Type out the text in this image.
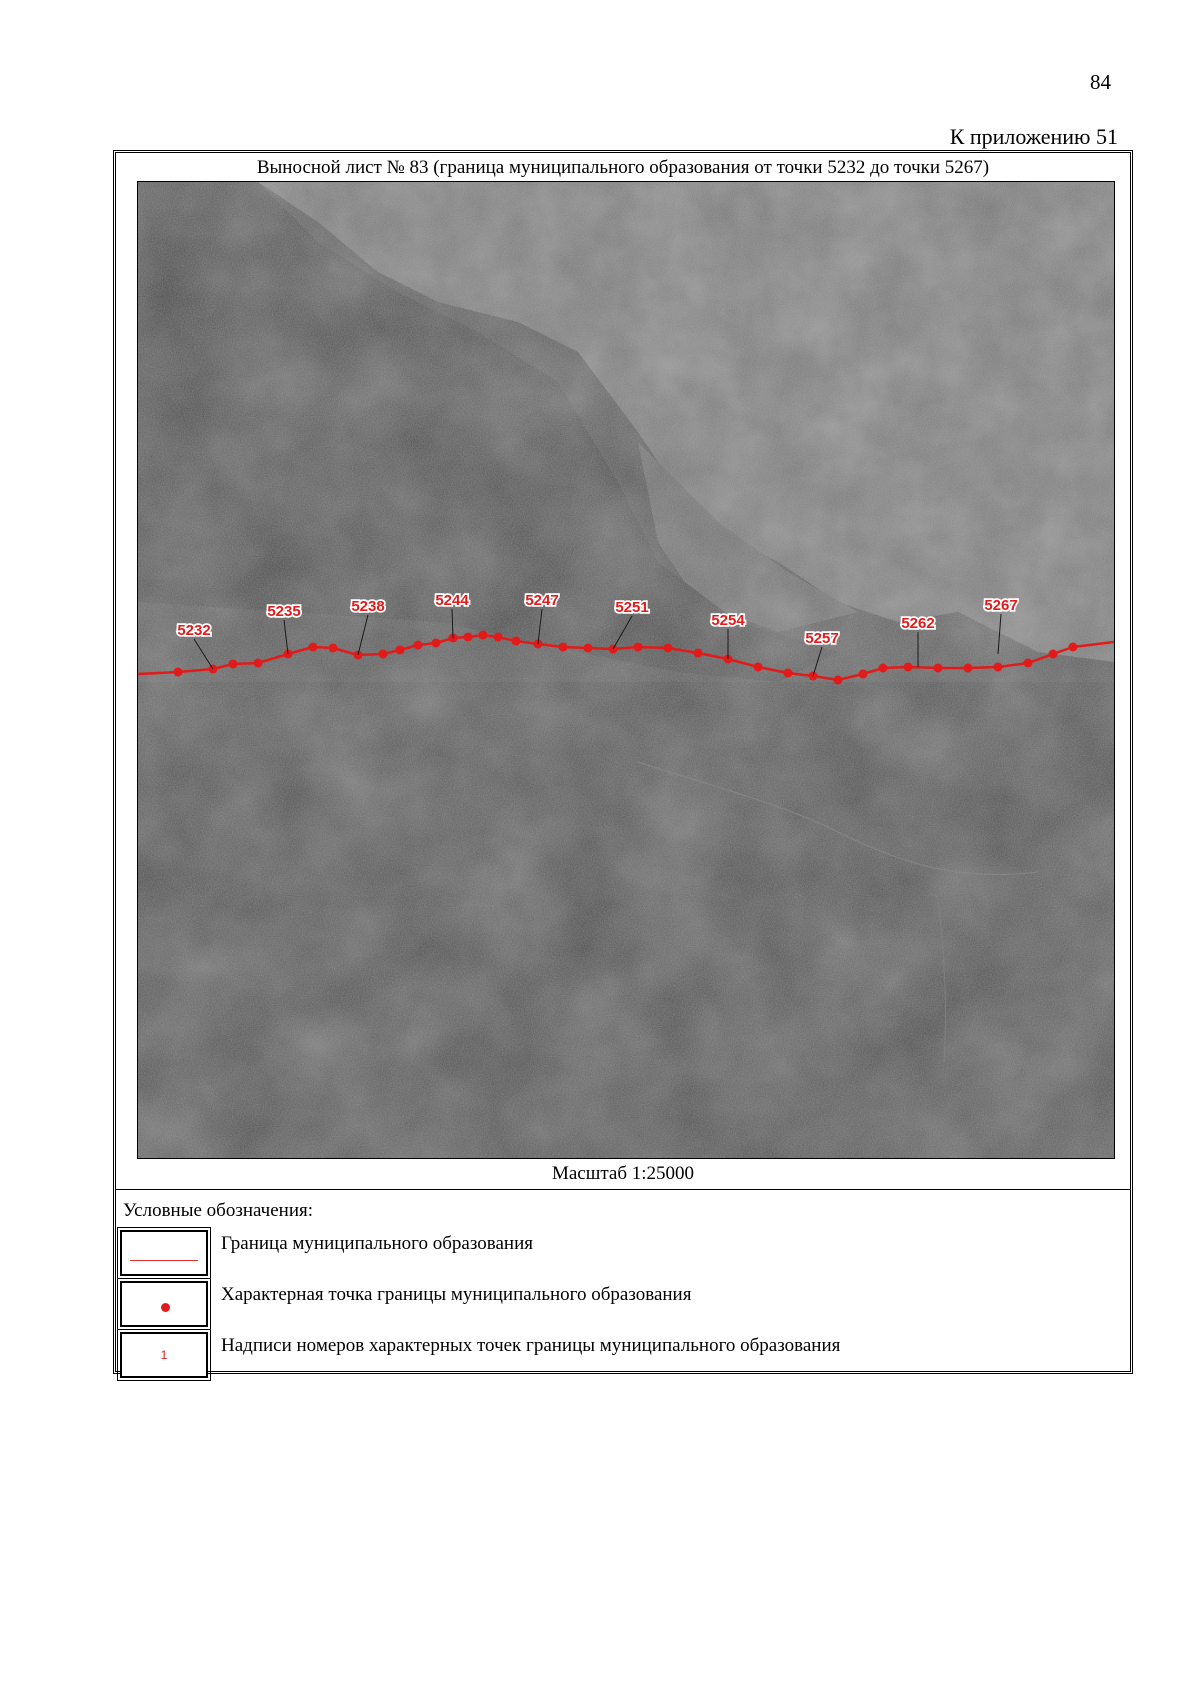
84
К приложению 51
Выносной лист № 83 (граница муниципального образования от точки 5232 до точки 5267)
5232
5235	5238	5244	5247	5251
5254
5257
5262
5267
Масштаб 1:25000
Условные обозначения:
Граница муниципального образования
Характерная точка границы муниципального образования
1	Надписи номеров характерных точек границы муниципального образования
